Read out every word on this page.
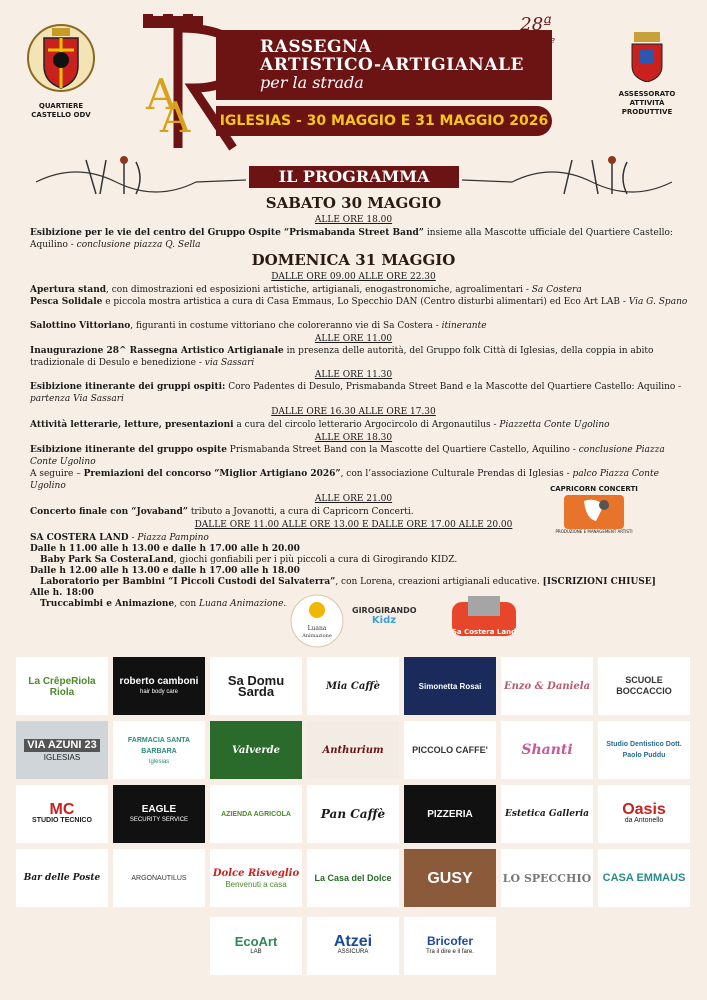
QUARTIERE
CASTELLO ODV	A
A
RASSEGNA
ARTISTICO-ARTIGIANALE
per la strada
28ª
edizione
IGLESIAS - 30 MAGGIO E 31 MAGGIO 2026
ASSESSORATO
ATTIVITÀ
PRODUTTIVE
IL PROGRAMMA
SABATO 30 MAGGIO
ALLE ORE 18.00
Esibizione per le vie del centro del Gruppo Ospite “Prismabanda Street Band” insieme alla Mascotte ufficiale del Quartiere Castello: Aquilino - conclusione piazza Q. Sella
DOMENICA 31 MAGGIO
DALLE ORE 09.00 ALLE ORE 22.30
Apertura stand, con dimostrazioni ed esposizioni artistiche, artigianali, enogastronomiche, agroalimentari - Sa Costera
Pesca Solidale e piccola mostra artistica a cura di Casa Emmaus, Lo Specchio DAN (Centro disturbi alimentari) ed Eco Art LAB - Via G. Spano
Salottino Vittoriano, figuranti in costume vittoriano che coloreranno vie di Sa Costera - itinerante
ALLE ORE 11.00
Inaugurazione 28^ Rassegna Artistico Artigianale in presenza delle autorità, del Gruppo folk Città di Iglesias, della coppia in abito tradizionale di Desulo e benedizione - via Sassari
ALLE ORE 11.30
Esibizione itinerante dei gruppi ospiti: Coro Padentes di Desulo, Prismabanda Street Band e la Mascotte del Quartiere Castello: Aquilino - partenza Via Sassari
DALLE ORE 16.30 ALLE ORE 17.30
Attività letterarie, letture, presentazioni a cura del circolo letterario Argocircolo di Argonautilus - Piazzetta Conte Ugolino
ALLE ORE 18.30
Esibizione itinerante del gruppo ospite Prismabanda Street Band con la Mascotte del Quartiere Castello, Aquilino - conclusione Piazza Conte Ugolino
A seguire – Premiazioni del concorso “Miglior Artigiano 2026”, con l’associazione Culturale Prendas di Iglesias - palco Piazza Conte Ugolino
ALLE ORE 21.00
Concerto finale con “Jovaband” tributo a Jovanotti, a cura di Capricorn Concerti.
CAPRICORN CONCERTI
PRODUZIONE E MANAGEMENT ARTISTI
DALLE ORE 11.00 ALLE ORE 13.00 E DALLE ORE 17.00 ALLE 20.00
SA COSTERA LAND - Piazza Pampino
Dalle h 11.00 alle h 13.00 e dalle h 17.00 alle h 20.00
Baby Park Sa CosteraLand, giochi gonfiabili per i più piccoli a cura di Girogirando KIDZ.
Dalle h 12.00 alle h 13.00 e dalle h 17.00 alle h 18.00
Laboratorio per Bambini “I Piccoli Custodi del Salvaterra”, con Lorena, creazioni artigianali educative. [ISCRIZIONI CHIUSE]
Alle h. 18:00
Truccabimbi e Animazione, con Luana Animazione.
Luana
Animazione
GIROGIRANDO
Kidz
Sa Costera Land
La CrêpeRiola
Riola
roberto camboni
hair body care
Sa Domu Sarda	Mia Caffè	Simonetta Rosai Enzo & Daniela
SCUOLE BOCCACCIO
VIA AZUNI 23
IGLESIAS
FARMACIA SANTA BARBARA
Iglesias
Valverde	Anthurium	PICCOLO CAFFE' Shanti	Studio Dentistico Dott. Paolo Puddu
MC
STUDIO TECNICO
EAGLE
SECURITY SERVICE
AZIENDA AGRICOLA Pan Caffè	PIZZERIA	Estetica Galleria Oasis
da Antonello
Bar delle Poste	ARGONAUTILUS	Dolce Risveglio
Benvenuti a casa
La Casa del Dolce GUSY	LO SPECCHIO CASA EMMAUS
EcoArt
LAB
Atzei
ASSICURA
Bricofer
Tra il dire e il fare.
